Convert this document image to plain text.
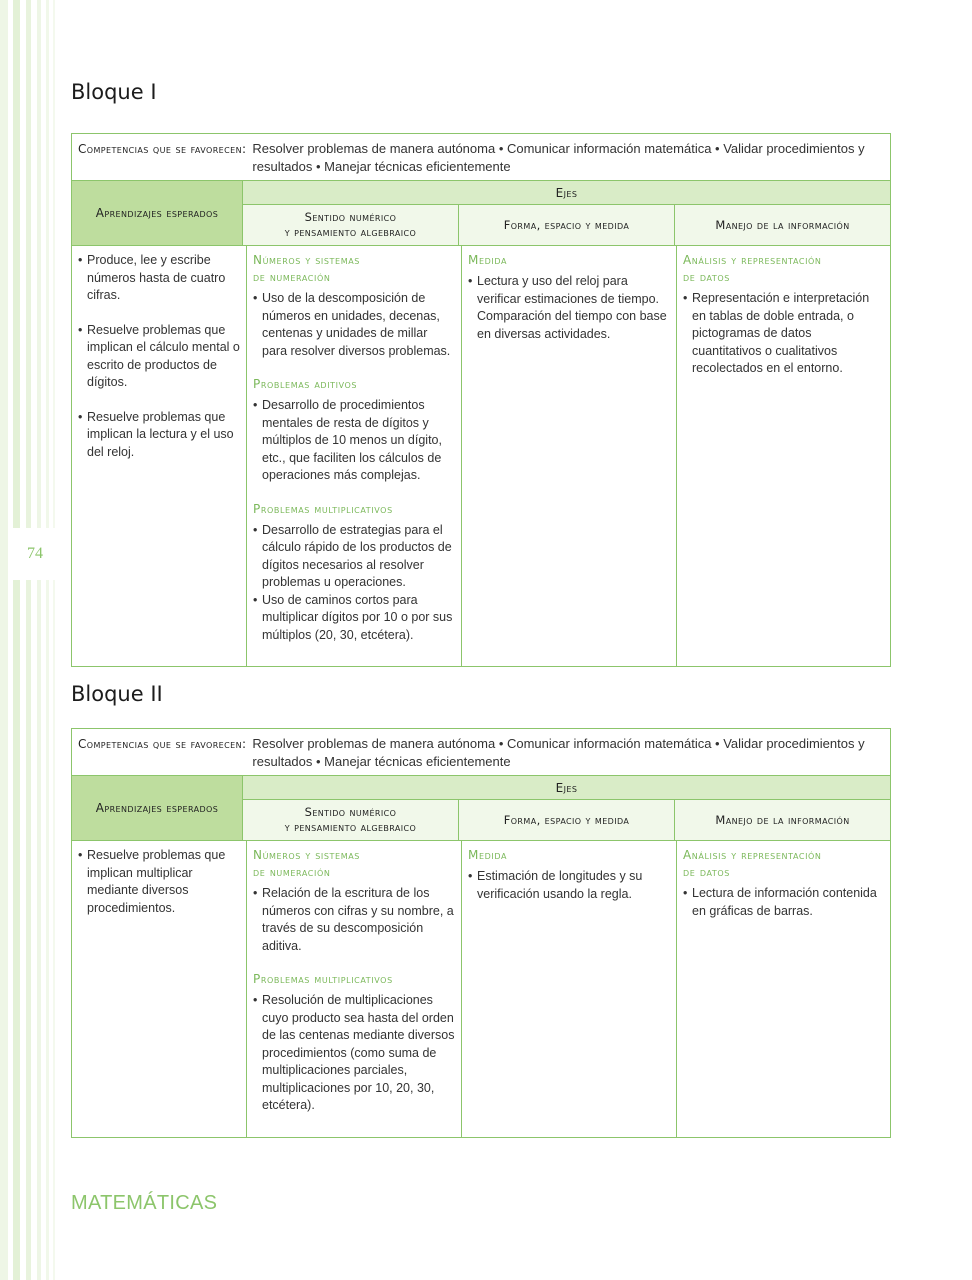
74
Bloque I
Competencias que se favorecen: Resolver problemas de manera autónoma • Comunicar información matemática • Validar procedimientos y resultados • Manejar técnicas eficientemente
Aprendizajes esperados
Ejes
Sentido numérico
y pensamiento algebraico
Forma, espacio y medida	Manejo de la información
• Produce, lee y escribe números hasta de cuatro cifras.
• Resuelve problemas que implican el cálculo mental o escrito de productos de dígitos.
• Resuelve problemas que implican la lectura y el uso del reloj.
Números y sistemas
de numeración
• Uso de la descomposición de números en unidades, decenas, centenas y unidades de millar para resolver diversos problemas.
Problemas aditivos
• Desarrollo de procedimientos mentales de resta de dígitos y múltiplos de 10 menos un dígito, etc., que faciliten los cálculos de operaciones más complejas.
Problemas multiplicativos
• Desarrollo de estrategias para el cálculo rápido de los productos de dígitos necesarios al resolver problemas u operaciones.
• Uso de caminos cortos para multiplicar dígitos por 10 o por sus múltiplos (20, 30, etcétera).
Medida
• Lectura y uso del reloj para verificar estimaciones de tiempo. Comparación del tiempo con base en diversas actividades.
Análisis y representación
de datos
• Representación e interpretación en tablas de doble entrada, o pictogramas de datos cuantitativos o cualitativos recolectados en el entorno.
Bloque II
Competencias que se favorecen: Resolver problemas de manera autónoma • Comunicar información matemática • Validar procedimientos y resultados • Manejar técnicas eficientemente
Aprendizajes esperados
Ejes
Sentido numérico
y pensamiento algebraico
Forma, espacio y medida	Manejo de la información
• Resuelve problemas que implican multiplicar mediante diversos procedimientos.
Números y sistemas
de numeración
• Relación de la escritura de los números con cifras y su nombre, a través de su descomposición aditiva.
Problemas multiplicativos
• Resolución de multiplicaciones cuyo producto sea hasta del orden de las centenas mediante diversos procedimientos (como suma de multiplicaciones parciales, multiplicaciones por 10, 20, 30, etcétera).
Medida
• Estimación de longitudes y su verificación usando la regla.
Análisis y representación
de datos
• Lectura de información contenida en gráficas de barras.
MATEMÁTICAS
